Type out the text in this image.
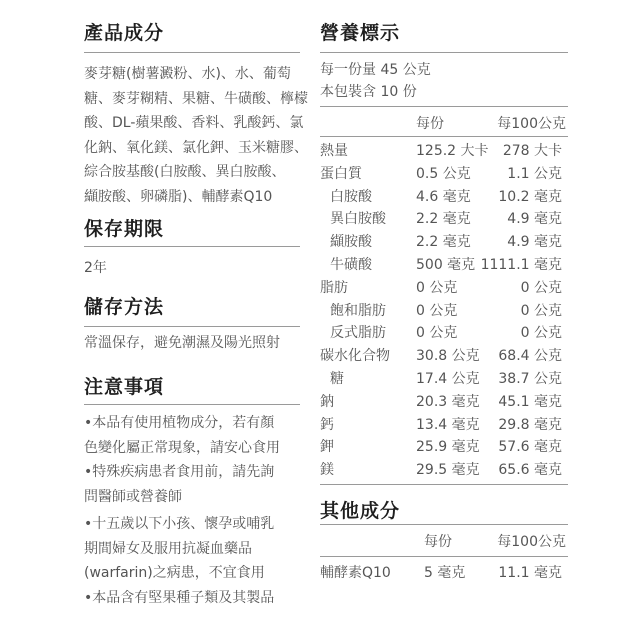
產品成分
麥芽糖(樹薯澱粉、水)、水、葡萄
糖、麥芽糊精、果糖、牛磺酸、檸檬
酸、DL-蘋果酸、香料、乳酸鈣、氯
化鈉、氧化鎂、氯化鉀、玉米糖膠、
綜合胺基酸(白胺酸、異白胺酸、
纈胺酸、卵磷脂)、輔酵素Q10
保存期限
2年
儲存方法
常溫保存，避免潮濕及陽光照射
注意事項
•本品有使用植物成分，若有顏
色變化屬正常現象，請安心食用
•特殊疾病患者食用前，請先詢
問醫師或營養師
•十五歲以下小孩、懷孕或哺乳
期間婦女及服用抗凝血藥品
(warfarin)之病患，不宜食用
•本品含有堅果種子類及其製品
營養標示
每一份量 45 公克
本包裝含 10 份
每份	每100公克
熱量	125.2 大卡 278 大卡
蛋白質	0.5 公克	1.1 公克
白胺酸	4.6 毫克 10.2 毫克
異白胺酸 2.2 毫克	4.9 毫克
纈胺酸	2.2 毫克	4.9 毫克
牛磺酸	500 毫克 1111.1 毫克
脂肪	0 公克	0 公克
飽和脂肪 0 公克	0 公克
反式脂肪 0 公克	0 公克
碳水化合物 30.8 公克 68.4 公克
糖	17.4 公克 38.7 公克
鈉	20.3 毫克 45.1 毫克
鈣	13.4 毫克 29.8 毫克
鉀	25.9 毫克 57.6 毫克
鎂	29.5 毫克 65.6 毫克
其他成分
每份	每100公克
輔酵素Q10 5 毫克 11.1 毫克
